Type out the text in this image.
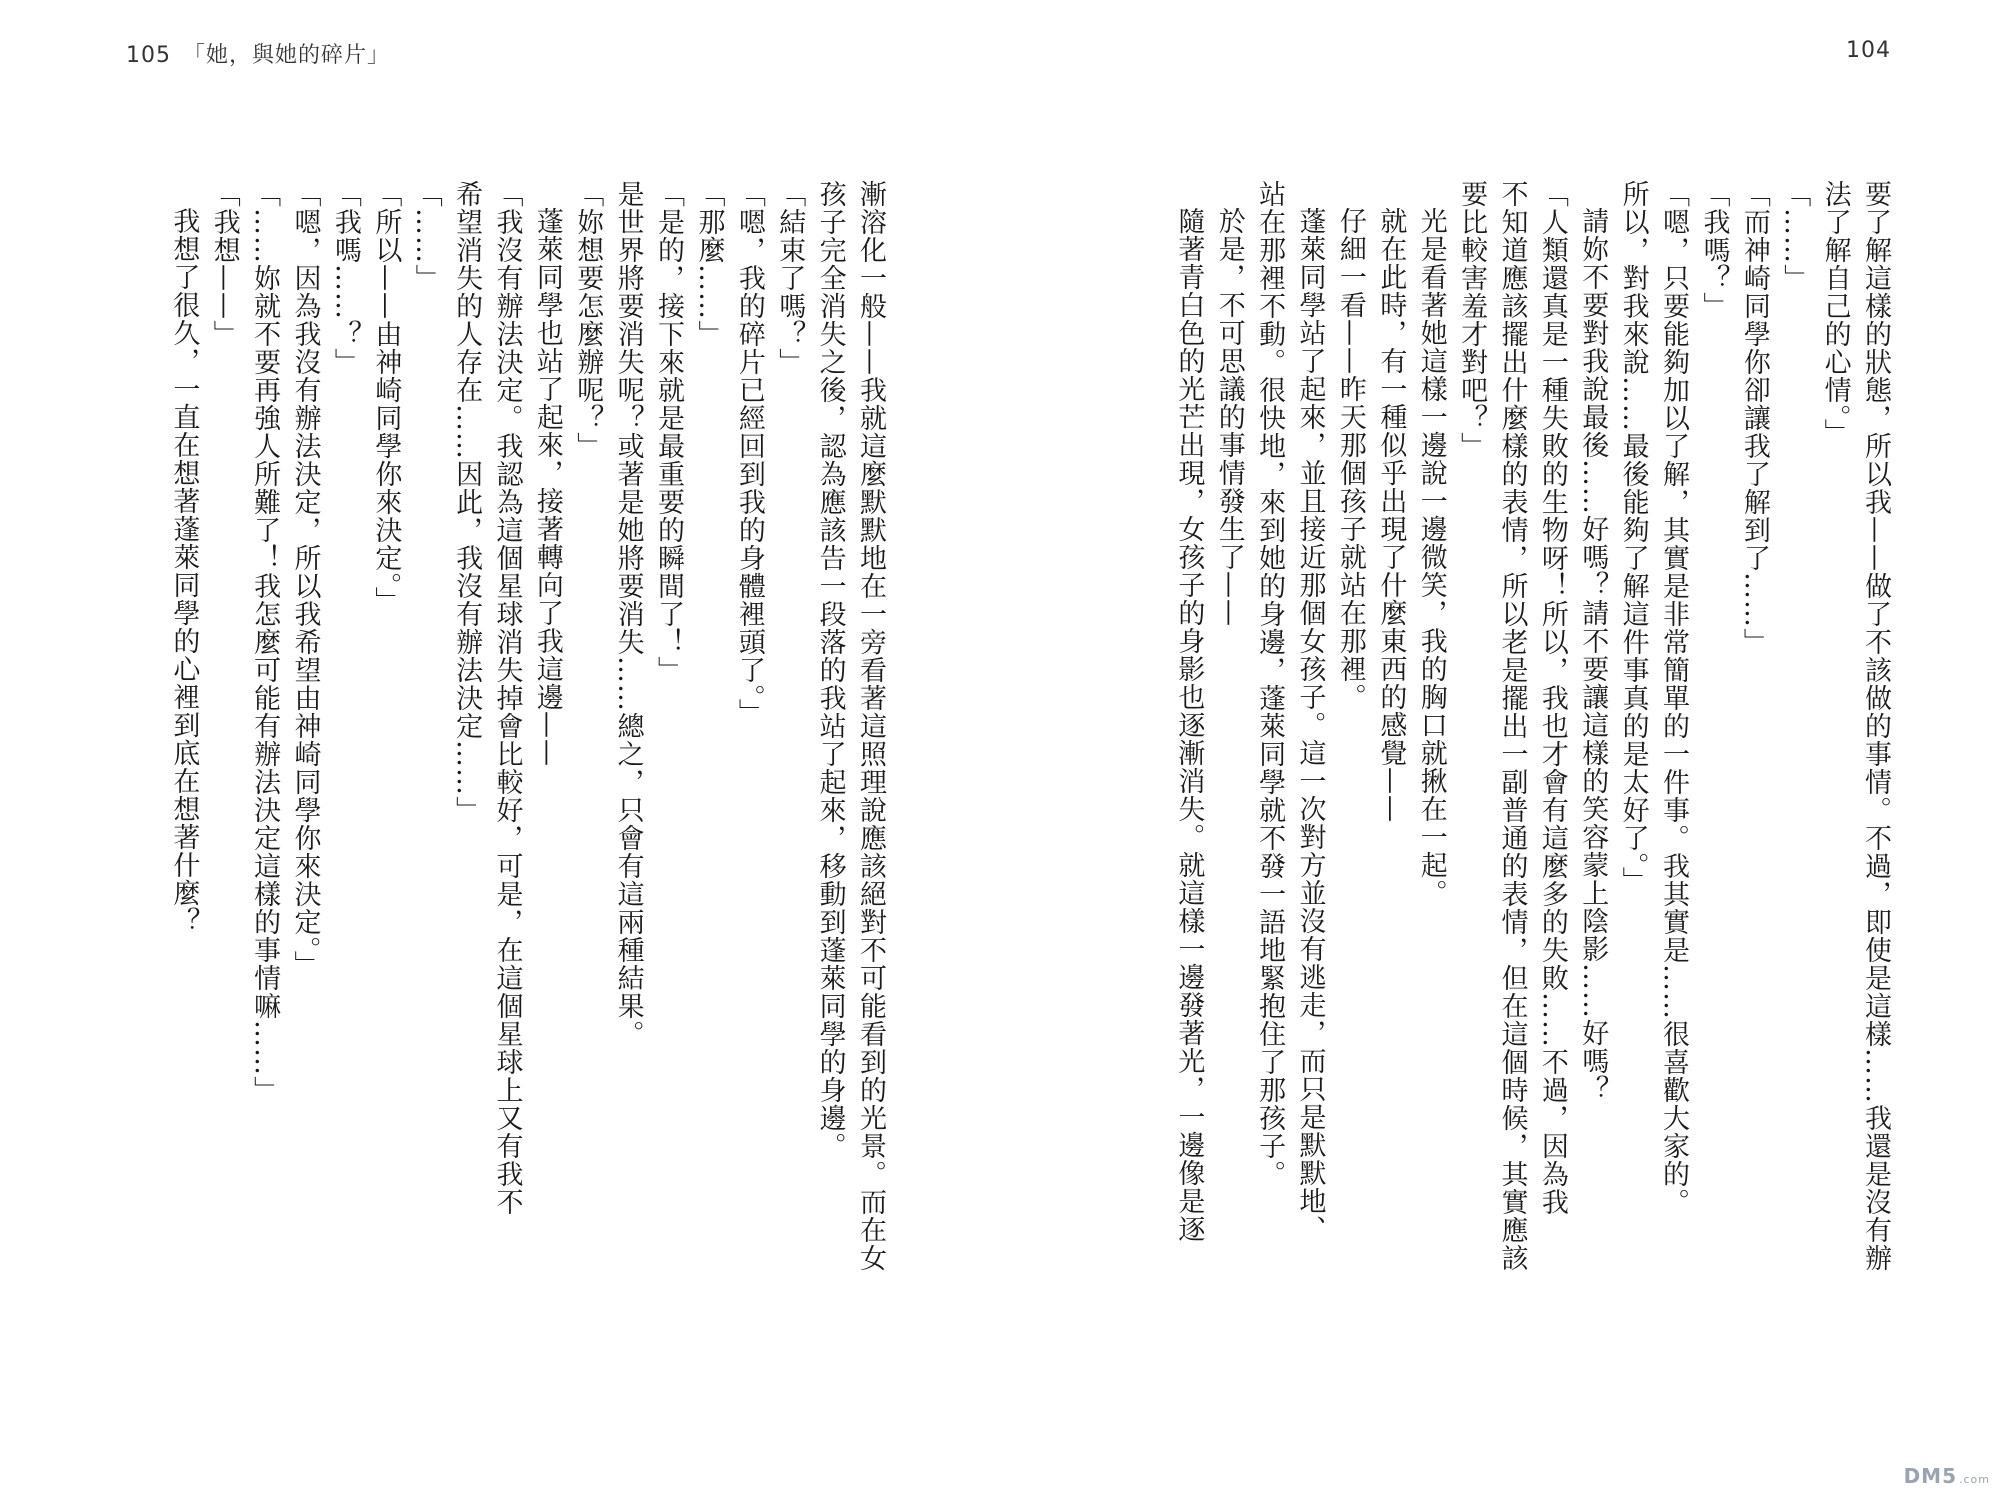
105 「她，與她的碎片」	104
要了解這樣的狀態，所以我——做了不該做的事情。不過，即使是這樣……我還是沒有辦
法了解自己的心情。」
「……」
「而神崎同學你卻讓我了解到了……」
「我嗎？」
「嗯，只要能夠加以了解，其實是非常簡單的一件事。我其實是……很喜歡大家的。
所以，對我來說……最後能夠了解這件事真的是太好了。」
請妳不要對我說最後……好嗎？請不要讓這樣的笑容蒙上陰影……好嗎？
「人類還真是一種失敗的生物呀！所以，我也才會有這麼多的失敗……不過，因為我
不知道應該擺出什麼樣的表情，所以老是擺出一副普通的表情，但在這個時候，其實應該
要比較害羞才對吧？」
光是看著她這樣一邊說一邊微笑，我的胸口就揪在一起。
就在此時，有一種似乎出現了什麼東西的感覺——
仔細一看——昨天那個孩子就站在那裡。
蓬萊同學站了起來，並且接近那個女孩子。這一次對方並沒有逃走，而只是默默地、
站在那裡不動。很快地，來到她的身邊，蓬萊同學就不發一語地緊抱住了那孩子。
於是，不可思議的事情發生了——
隨著青白色的光芒出現，女孩子的身影也逐漸消失。就這樣一邊發著光，一邊像是逐
漸溶化一般——我就這麼默默地在一旁看著這照理說應該絕對不可能看到的光景。而在女
孩子完全消失之後，認為應該告一段落的我站了起來，移動到蓬萊同學的身邊。
「結束了嗎？」
「嗯，我的碎片已經回到我的身體裡頭了。」
「那麼……」
「是的，接下來就是最重要的瞬間了！」
是世界將要消失呢？或著是她將要消失……總之，只會有這兩種結果。
「妳想要怎麼辦呢？」
蓬萊同學也站了起來，接著轉向了我這邊——
「我沒有辦法決定。我認為這個星球消失掉會比較好，可是，在這個星球上又有我不
希望消失的人存在……因此，我沒有辦法決定……」
「……」
「所以——由神崎同學你來決定。」
「我嗎……？」
「嗯，因為我沒有辦法決定，所以我希望由神崎同學你來決定。」
「……妳就不要再強人所難了！我怎麼可能有辦法決定這樣的事情嘛……」
「我想——」
我想了很久，一直在想著蓬萊同學的心裡到底在想著什麼？
DM5 .com
